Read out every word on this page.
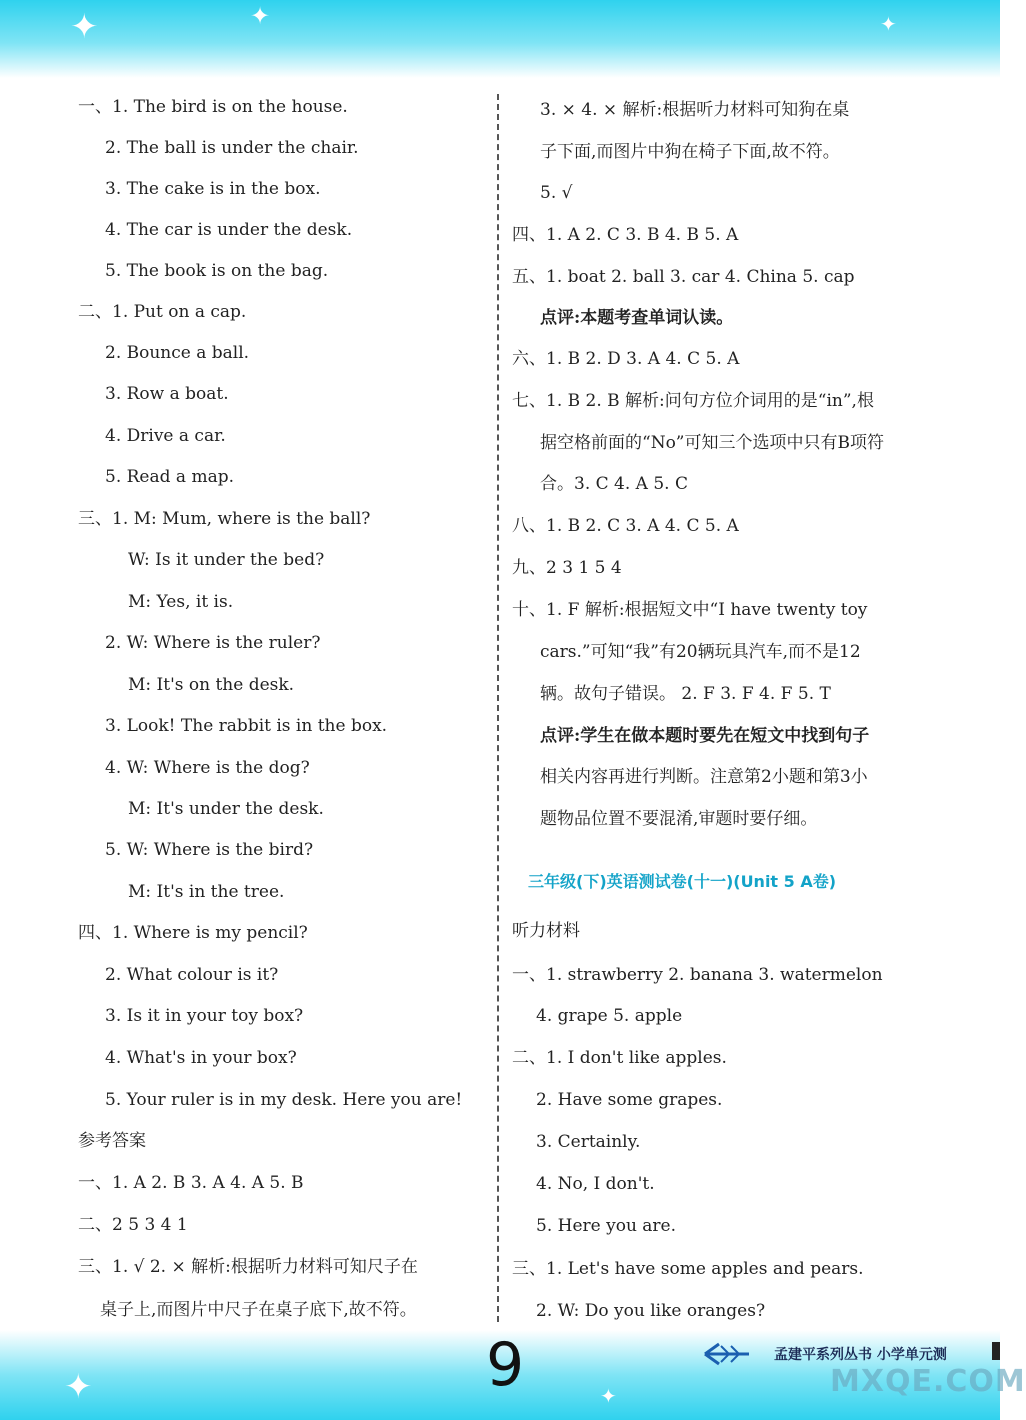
✦	✦	✦
一、1. The bird is on the house.
2. The ball is under the chair.
3. The cake is in the box.
4. The car is under the desk.
5. The book is on the bag.
二、1. Put on a cap.
2. Bounce a ball.
3. Row a boat.
4. Drive a car.
5. Read a map.
三、1. M: Mum, where is the ball?
W: Is it under the bed?
M: Yes, it is.
2. W: Where is the ruler?
M: It's on the desk.
3. Look! The rabbit is in the box.
4. W: Where is the dog?
M: It's under the desk.
5. W: Where is the bird?
M: It's in the tree.
四、1. Where is my pencil?
2. What colour is it?
3. Is it in your toy box?
4. What's in your box?
5. Your ruler is in my desk. Here you are!
参考答案
一、1. A 2. B 3. A 4. A 5. B
二、2 5 3 4 1
三、1. √ 2. × 解析:根据听力材料可知尺子在
桌子上,而图片中尺子在桌子底下,故不符。
3. × 4. × 解析:根据听力材料可知狗在桌
子下面,而图片中狗在椅子下面,故不符。
5. √
四、1. A 2. C 3. B 4. B 5. A
五、1. boat 2. ball 3. car 4. China 5. cap
点评:本题考查单词认读。
六、1. B 2. D 3. A 4. C 5. A
七、1. B 2. B 解析:问句方位介词用的是“in”,根
据空格前面的“No”可知三个选项中只有B项符
合。3. C 4. A 5. C
八、1. B 2. C 3. A 4. C 5. A
九、2 3 1 5 4
十、1. F 解析:根据短文中“I have twenty toy
cars.”可知“我”有20辆玩具汽车,而不是12
辆。故句子错误。 2. F 3. F 4. F 5. T
点评:学生在做本题时要先在短文中找到句子
相关内容再进行判断。注意第2小题和第3小
题物品位置不要混淆,审题时要仔细。
三年级(下)英语测试卷(十一)(Unit 5 A卷)
听力材料
一、1. strawberry 2. banana 3. watermelon
4. grape 5. apple
二、1. I don't like apples.
2. Have some grapes.
3. Certainly.
4. No, I don't.
5. Here you are.
三、1. Let's have some apples and pears.
2. W: Do you like oranges?
✦	✦
9	孟建平系列丛书 小学单元测
MXQE.COM
